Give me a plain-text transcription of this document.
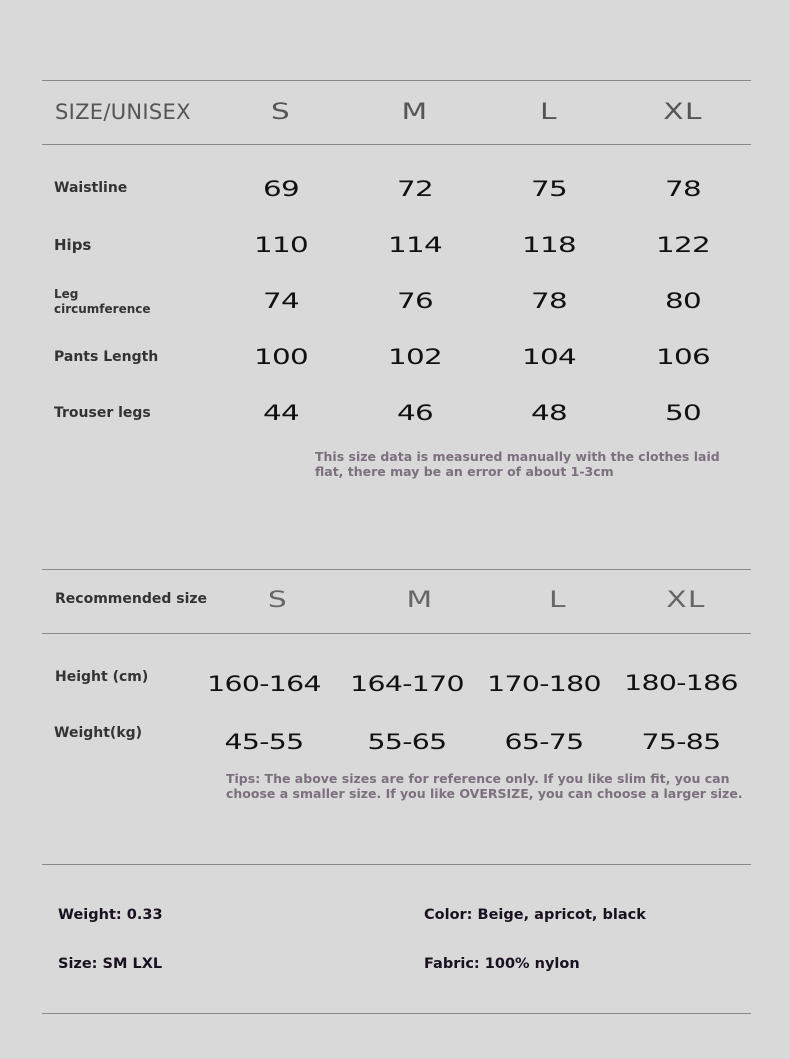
SIZE/UNISEX	S	M	L	XL
Waistline	69	72	75	78
Hips	110	114	118	122
Leg circumference	74	76	78	80
Pants Length	100	102	104	106
Trouser legs	44	46	48	50
This size data is measured manually with the clothes laid flat, there may be an error of about 1-3cm
Recommended size	S	M	L	XL
Height (cm)	160-164	164-170	170-180	180-186
Weight(kg)	45-55	55-65	65-75	75-85
Tips: The above sizes are for reference only. If you like slim fit, you can choose a smaller size. If you like OVERSIZE, you can choose a larger size.
Weight: 0.33	Color: Beige, apricot, black
Size: SM LXL	Fabric: 100% nylon
